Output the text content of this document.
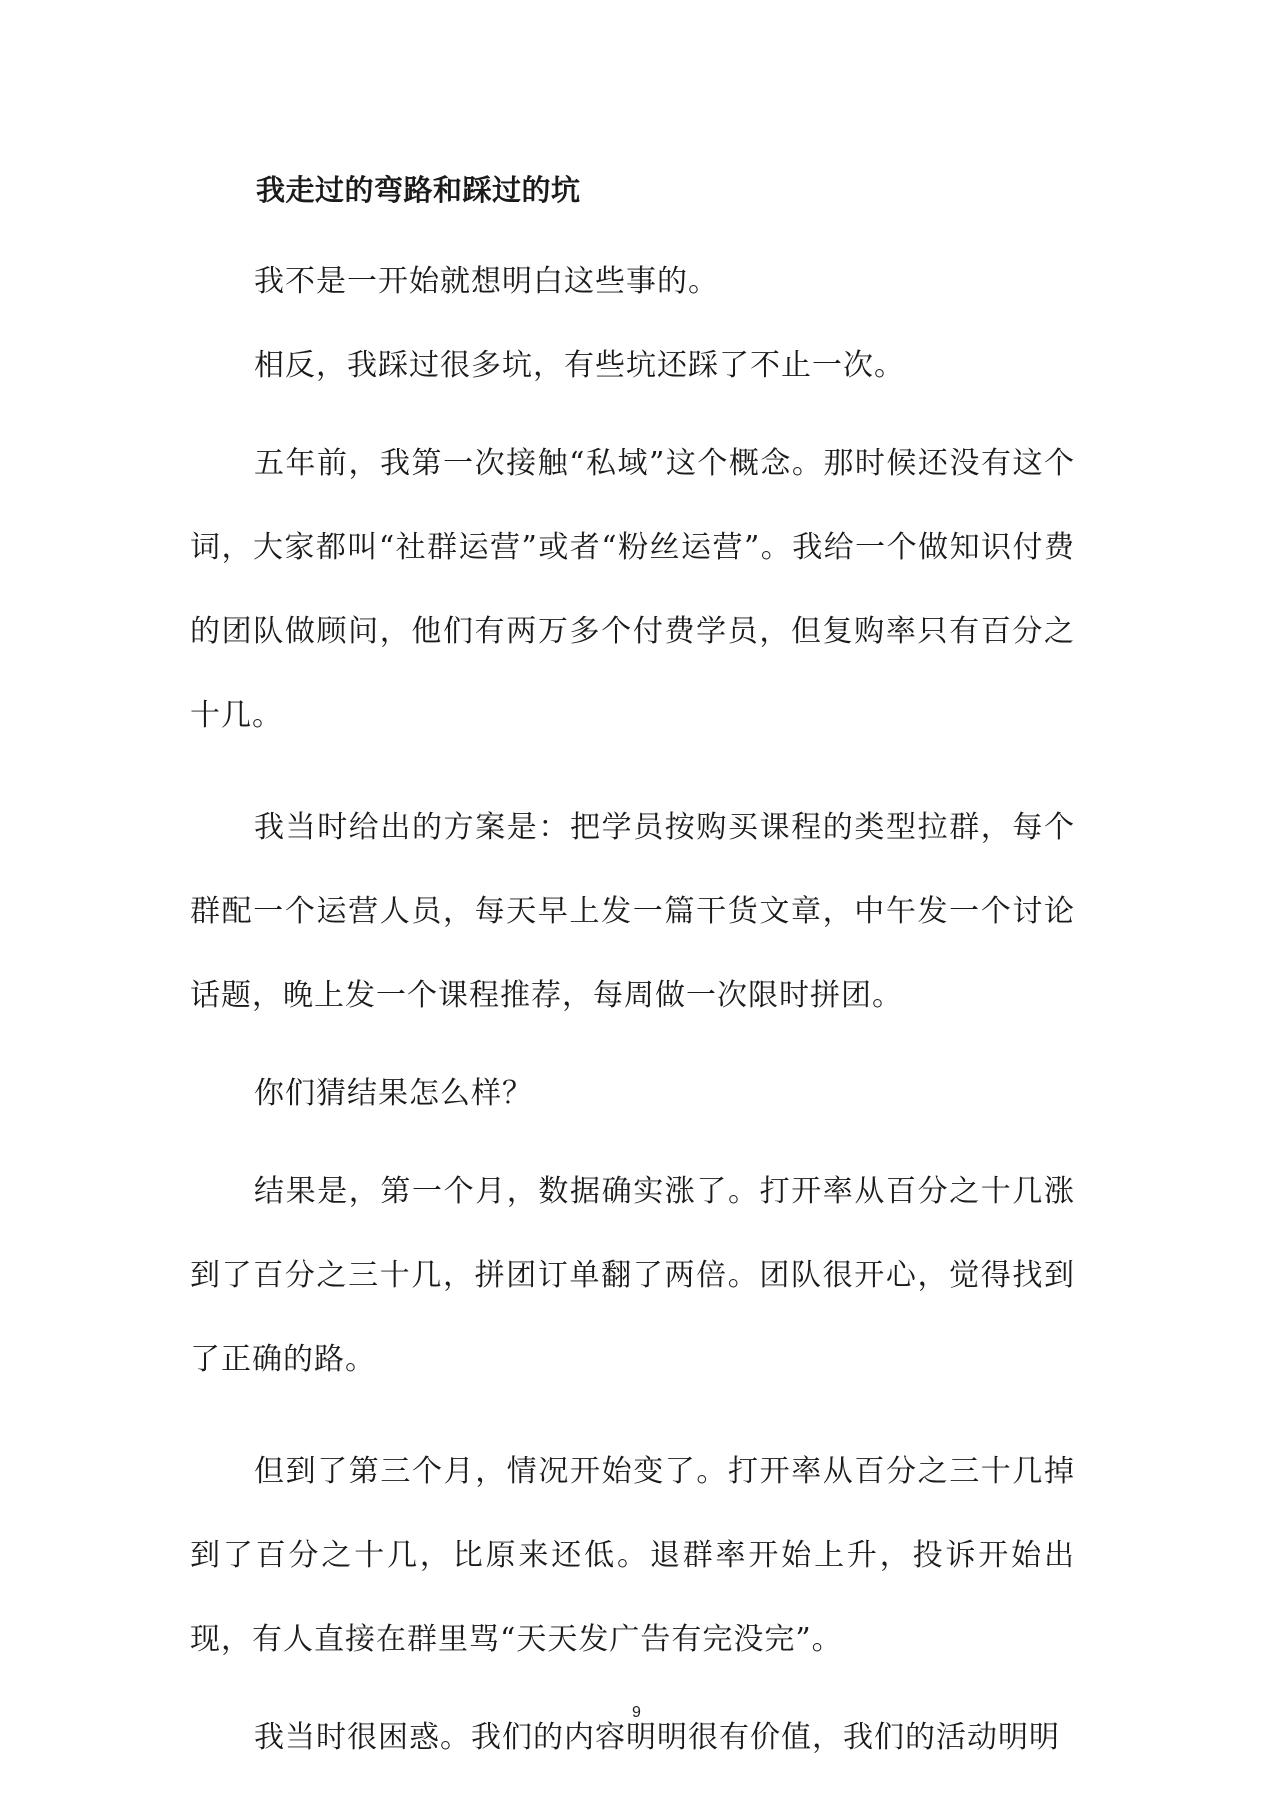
我走过的弯路和踩过的坑

我不是一开始就想明白这些事的。

相反，我踩过很多坑，有些坑还踩了不止一次。

五年前，我第一次接触“私域”这个概念。那时候还没有这个词，大家都叫“社群运营”或者“粉丝运营”。我给一个做知识付费的团队做顾问，他们有两万多个付费学员，但复购率只有百分之十几。

我当时给出的方案是：把学员按购买课程的类型拉群，每个群配一个运营人员，每天早上发一篇干货文章，中午发一个讨论话题，晚上发一个课程推荐，每周做一次限时拼团。

你们猜结果怎么样？

结果是，第一个月，数据确实涨了。打开率从百分之十几涨到了百分之三十几，拼团订单翻了两倍。团队很开心，觉得找到了正确的路。

但到了第三个月，情况开始变了。打开率从百分之三十几掉到了百分之十几，比原来还低。退群率开始上升，投诉开始出现，有人直接在群里骂“天天发广告有完没完”。

我当时很困惑。我们的内容明明很有价值，我们的活动明明

9
